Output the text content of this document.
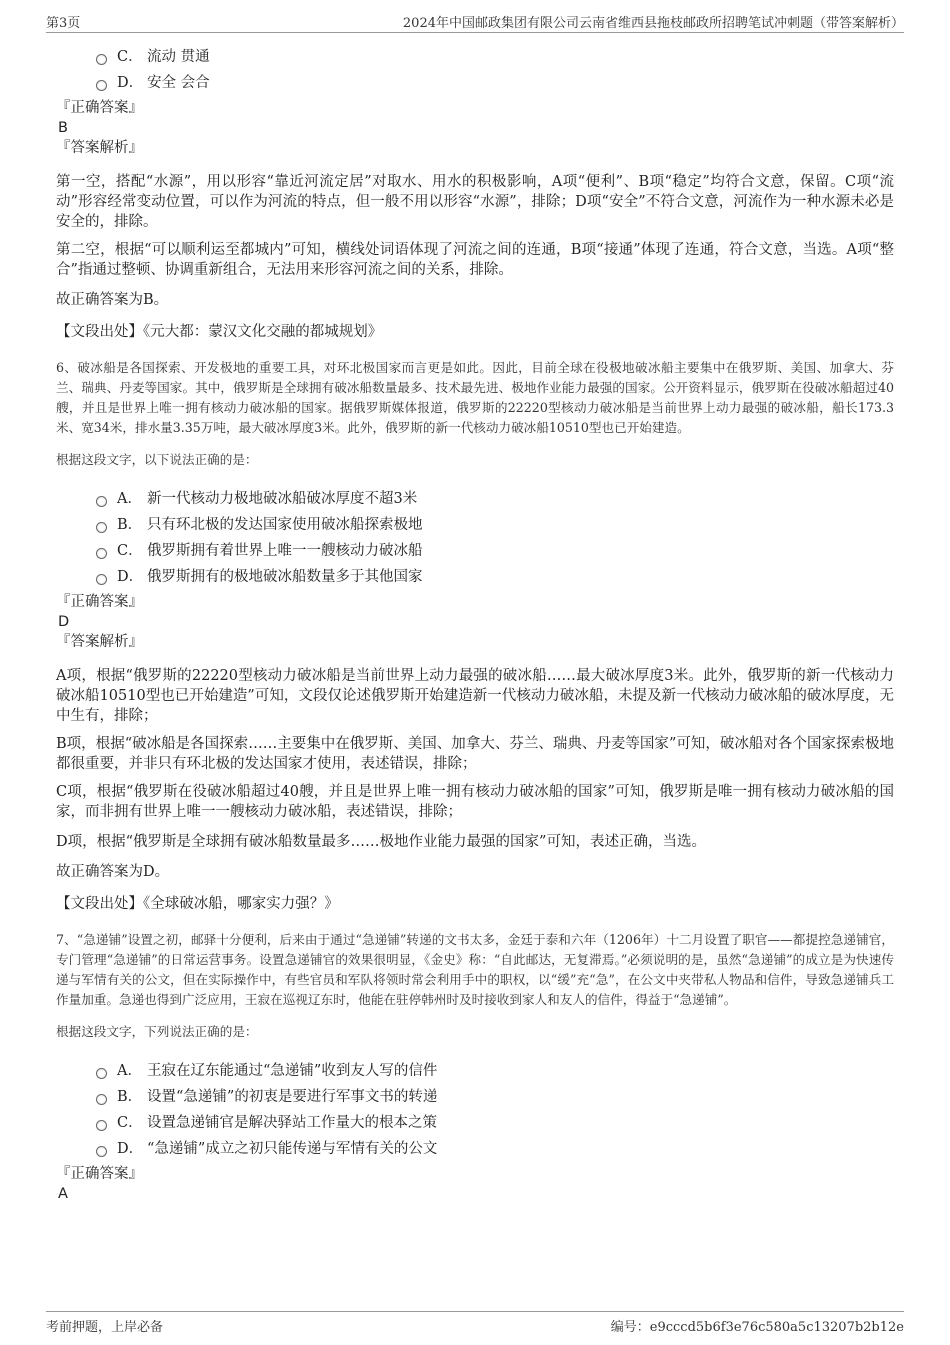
第3页	2024年中国邮政集团有限公司云南省维西县拖枝邮政所招聘笔试冲刺题（带答案解析）
C． 流动 贯通
D． 安全 会合

『正确答案』

B

『答案解析』

第一空，搭配“水源”，用以形容“靠近河流定居”对取水、用水的积极影响，A项“便利”、B项“稳定”均符合文意，保留。C项“流动”形容经常变动位置，可以作为河流的特点，但一般不用以形容“水源”，排除；D项“安全”不符合文意，河流作为一种水源未必是安全的，排除。

第二空，根据“可以顺利运至都城内”可知，横线处词语体现了河流之间的连通，B项“接通”体现了连通，符合文意，当选。A项“整合”指通过整顿、协调重新组合，无法用来形容河流之间的关系，排除。

故正确答案为B。

【文段出处】《元大都：蒙汉文化交融的都城规划》

6、破冰船是各国探索、开发极地的重要工具，对环北极国家而言更是如此。因此，目前全球在役极地破冰船主要集中在俄罗斯、美国、加拿大、芬兰、瑞典、丹麦等国家。其中，俄罗斯是全球拥有破冰船数量最多、技术最先进、极地作业能力最强的国家。公开资料显示，俄罗斯在役破冰船超过40艘，并且是世界上唯一拥有核动力破冰船的国家。据俄罗斯媒体报道，俄罗斯的22220型核动力破冰船是当前世界上动力最强的破冰船，船长173.3米、宽34米，排水量3.35万吨，最大破冰厚度3米。此外，俄罗斯的新一代核动力破冰船10510型也已开始建造。

根据这段文字，以下说法正确的是：

A． 新一代核动力极地破冰船破冰厚度不超3米
B． 只有环北极的发达国家使用破冰船探索极地
C． 俄罗斯拥有着世界上唯一一艘核动力破冰船
D． 俄罗斯拥有的极地破冰船数量多于其他国家

『正确答案』

D

『答案解析』

A项，根据“俄罗斯的22220型核动力破冰船是当前世界上动力最强的破冰船……最大破冰厚度3米。此外，俄罗斯的新一代核动力破冰船10510型也已开始建造”可知，文段仅论述俄罗斯开始建造新一代核动力破冰船，未提及新一代核动力破冰船的破冰厚度，无中生有，排除；

B项，根据“破冰船是各国探索……主要集中在俄罗斯、美国、加拿大、芬兰、瑞典、丹麦等国家”可知，破冰船对各个国家探索极地都很重要，并非只有环北极的发达国家才使用，表述错误，排除；

C项，根据“俄罗斯在役破冰船超过40艘，并且是世界上唯一拥有核动力破冰船的国家”可知，俄罗斯是唯一拥有核动力破冰船的国家，而非拥有世界上唯一一艘核动力破冰船，表述错误，排除；

D项，根据“俄罗斯是全球拥有破冰船数量最多……极地作业能力最强的国家”可知，表述正确，当选。

故正确答案为D。

【文段出处】《全球破冰船，哪家实力强？》

7、“急递铺”设置之初，邮驿十分便利，后来由于通过“急递铺”转递的文书太多，金廷于泰和六年（1206年）十二月设置了职官——都提控急递铺官，专门管理“急递铺”的日常运营事务。设置急递铺官的效果很明显，《金史》称：“自此邮达，无复滞焉。”必须说明的是，虽然“急递铺”的成立是为快速传递与军情有关的公文，但在实际操作中，有些官员和军队将领时常会利用手中的职权，以“缓”充“急”，在公文中夹带私人物品和信件，导致急递铺兵工作量加重。急递也得到广泛应用，王寂在巡视辽东时，他能在驻停韩州时及时接收到家人和友人的信件，得益于“急递铺”。

根据这段文字，下列说法正确的是：

A． 王寂在辽东能通过“急递铺”收到友人写的信件
B． 设置“急递铺”的初衷是要进行军事文书的转递
C． 设置急递铺官是解决驿站工作量大的根本之策
D． “急递铺”成立之初只能传递与军情有关的公文

『正确答案』

A

考前押题，上岸必备	编号：e9cccd5b6f3e76c580a5c13207b2b12e
